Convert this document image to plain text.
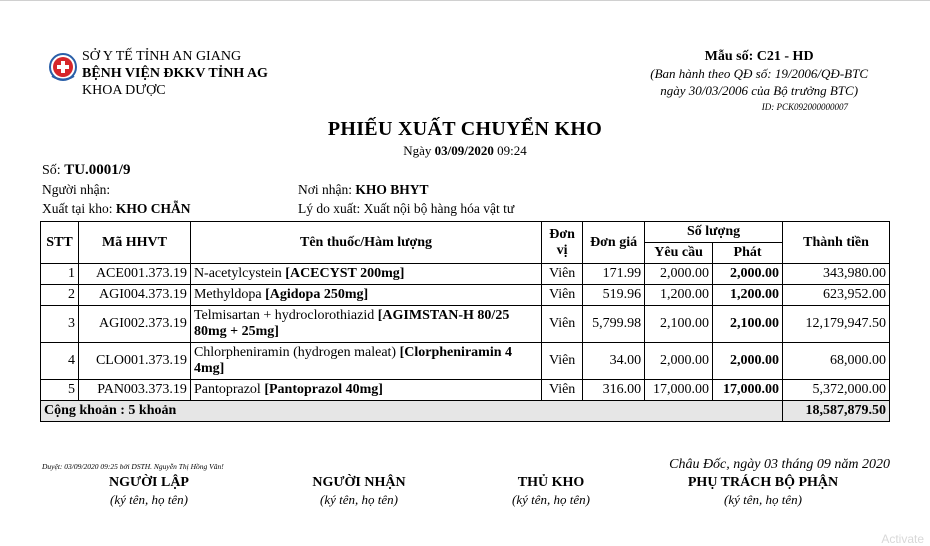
SỞ Y TẾ TỈNH AN GIANG
BỆNH VIỆN ĐKKV TỈNH AG
KHOA DƯỢC
Mẫu số: C21 - HD
(Ban hành theo QĐ số: 19/2006/QĐ-BTC
ngày 30/03/2006 của Bộ trưởng BTC)
ID: PCK092000000007
PHIẾU XUẤT CHUYỂN KHO
Ngày 03/09/2020 09:24
Số: TU.0001/9
Người nhận:	Nơi nhận: KHO BHYT
Xuất tại kho: KHO CHẴN	Lý do xuất: Xuất nội bộ hàng hóa vật tư
STT	Mã HHVT	Tên thuốc/Hàm lượng	Đơn vị	Đơn giá	Số lượng		Thành tiền
					Yêu cầu	Phát	
1	ACE001.373.19	N-acetylcystein [ACECYST 200mg]	Viên	171.99	2,000.00	2,000.00	343,980.00
2	AGI004.373.19	Methyldopa [Agidopa 250mg]	Viên	519.96	1,200.00	1,200.00	623,952.00
3	AGI002.373.19	Telmisartan + hydroclorothiazid [AGIMSTAN-H 80/25 80mg + 25mg]	Viên	5,799.98	2,100.00	2,100.00	12,179,947.50
4	CLO001.373.19	Chlorpheniramin (hydrogen maleat) [Clorpheniramin 4 4mg]	Viên	34.00	2,000.00	2,000.00	68,000.00
5	PAN003.373.19	Pantoprazol [Pantoprazol 40mg]	Viên	316.00	17,000.00	17,000.00	5,372,000.00
Cộng khoản : 5 khoản							18,587,879.50
Duyệt: 03/09/2020 09:25 bởi DSTH. Nguyễn Thị Hồng Vân!	Châu Đốc, ngày 03 tháng 09 năm 2020
NGƯỜI LẬP
(ký tên, họ tên)
NGƯỜI NHẬN
(ký tên, họ tên)
THỦ KHO
(ký tên, họ tên)
PHỤ TRÁCH BỘ PHẬN
(ký tên, họ tên)
Activate
